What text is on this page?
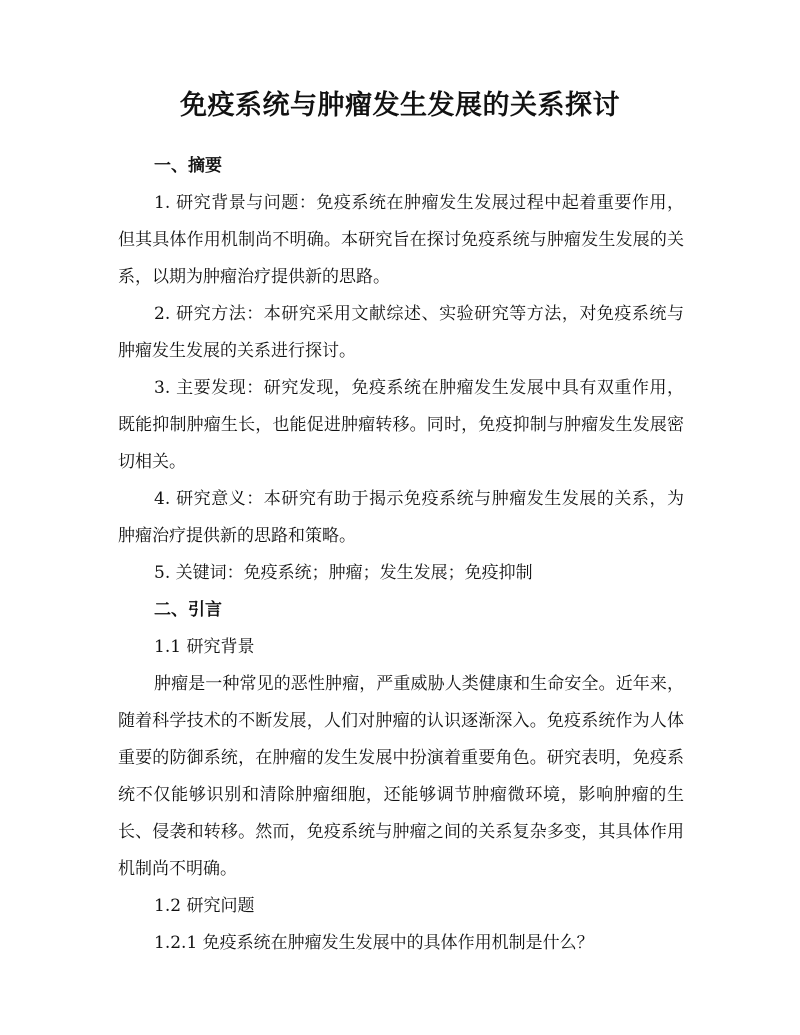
免疫系统与肿瘤发生发展的关系探讨
一、摘要

1. 研究背景与问题：免疫系统在肿瘤发生发展过程中起着重要作用，但其具体作用机制尚不明确。本研究旨在探讨免疫系统与肿瘤发生发展的关系，以期为肿瘤治疗提供新的思路。

2. 研究方法：本研究采用文献综述、实验研究等方法，对免疫系统与肿瘤发生发展的关系进行探讨。

3. 主要发现：研究发现，免疫系统在肿瘤发生发展中具有双重作用，既能抑制肿瘤生长，也能促进肿瘤转移。同时，免疫抑制与肿瘤发生发展密切相关。

4. 研究意义：本研究有助于揭示免疫系统与肿瘤发生发展的关系，为肿瘤治疗提供新的思路和策略。

5. 关键词：免疫系统；肿瘤；发生发展；免疫抑制

二、引言

1.1 研究背景

肿瘤是一种常见的恶性肿瘤，严重威胁人类健康和生命安全。近年来，随着科学技术的不断发展，人们对肿瘤的认识逐渐深入。免疫系统作为人体重要的防御系统，在肿瘤的发生发展中扮演着重要角色。研究表明，免疫系统不仅能够识别和清除肿瘤细胞，还能够调节肿瘤微环境，影响肿瘤的生长、侵袭和转移。然而，免疫系统与肿瘤之间的关系复杂多变，其具体作用机制尚不明确。

1.2 研究问题

1.2.1 免疫系统在肿瘤发生发展中的具体作用机制是什么？
